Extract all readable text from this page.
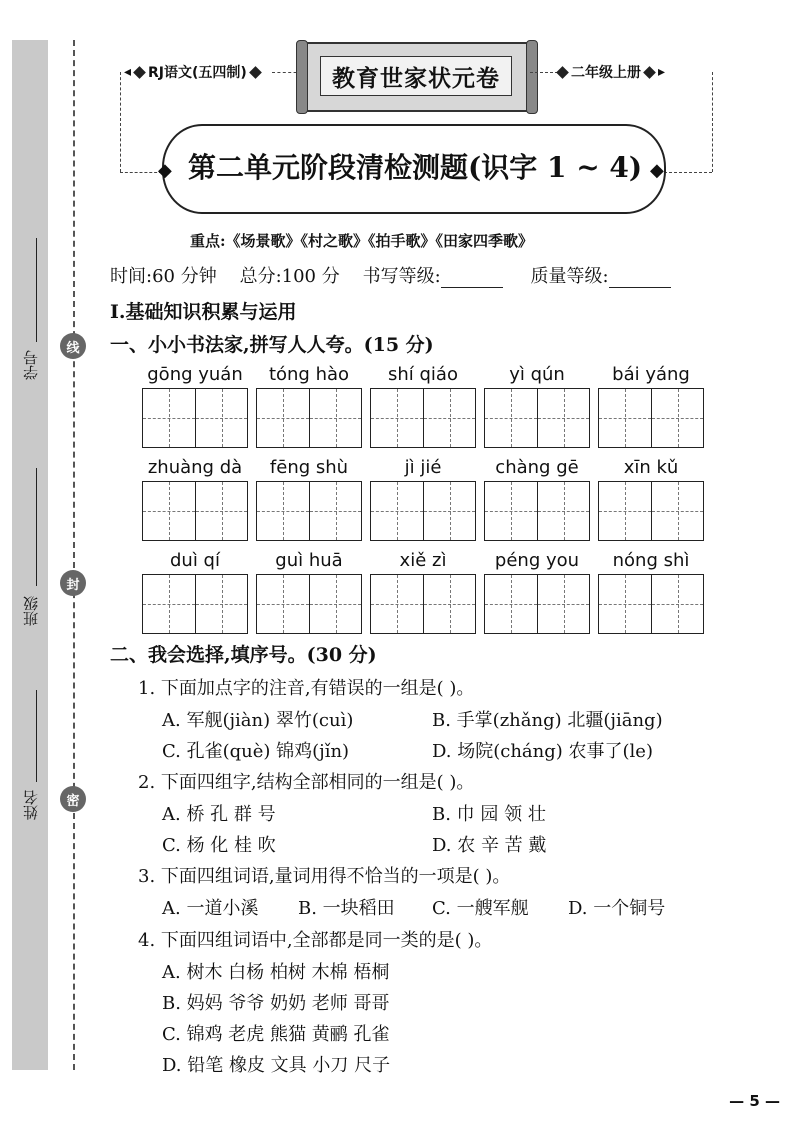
学号
班级
姓名
线
封
密
◂ RJ语文(五四制)	教育世家状元卷	二年级上册 ▸
◆	◆
第二单元阶段清检测题(识字 1 ~ 4)
重点:《场景歌》《村之歌》《拍手歌》《田家四季歌》
时间:60 分钟 总分:100 分 书写等级:	质量等级:
Ⅰ.基础知识积累与运用
一、小小书法家,拼写人人夸。(15 分)
gōng yuán	tóng hào	shí qiáo	yì qún	bái yáng
zhuàng dà	fēng shù	jì jié	chàng gē	xīn kǔ
duì qí	guì huā	xiě zì	péng you	nóng shì
二、我会选择,填序号。(30 分)
1. 下面加点字的注音,有错误的一组是( )。
A. 军舰(jiàn) 翠竹(cuì)	B. 手掌(zhǎng) 北疆(jiāng)
C. 孔雀(què) 锦鸡(jǐn)	D. 场院(cháng) 农事了(le)
2. 下面四组字,结构全部相同的一组是( )。
A. 桥 孔 群 号	B. 巾 园 领 壮
C. 杨 化 桂 吹	D. 农 辛 苦 戴
3. 下面四组词语,量词用得不恰当的一项是( )。
A. 一道小溪 B. 一块稻田 C. 一艘军舰 D. 一个铜号
4. 下面四组词语中,全部都是同一类的是( )。
A. 树木 白杨 柏树 木棉 梧桐
B. 妈妈 爷爷 奶奶 老师 哥哥
C. 锦鸡 老虎 熊猫 黄鹂 孔雀
D. 铅笔 橡皮 文具 小刀 尺子
— 5 —
